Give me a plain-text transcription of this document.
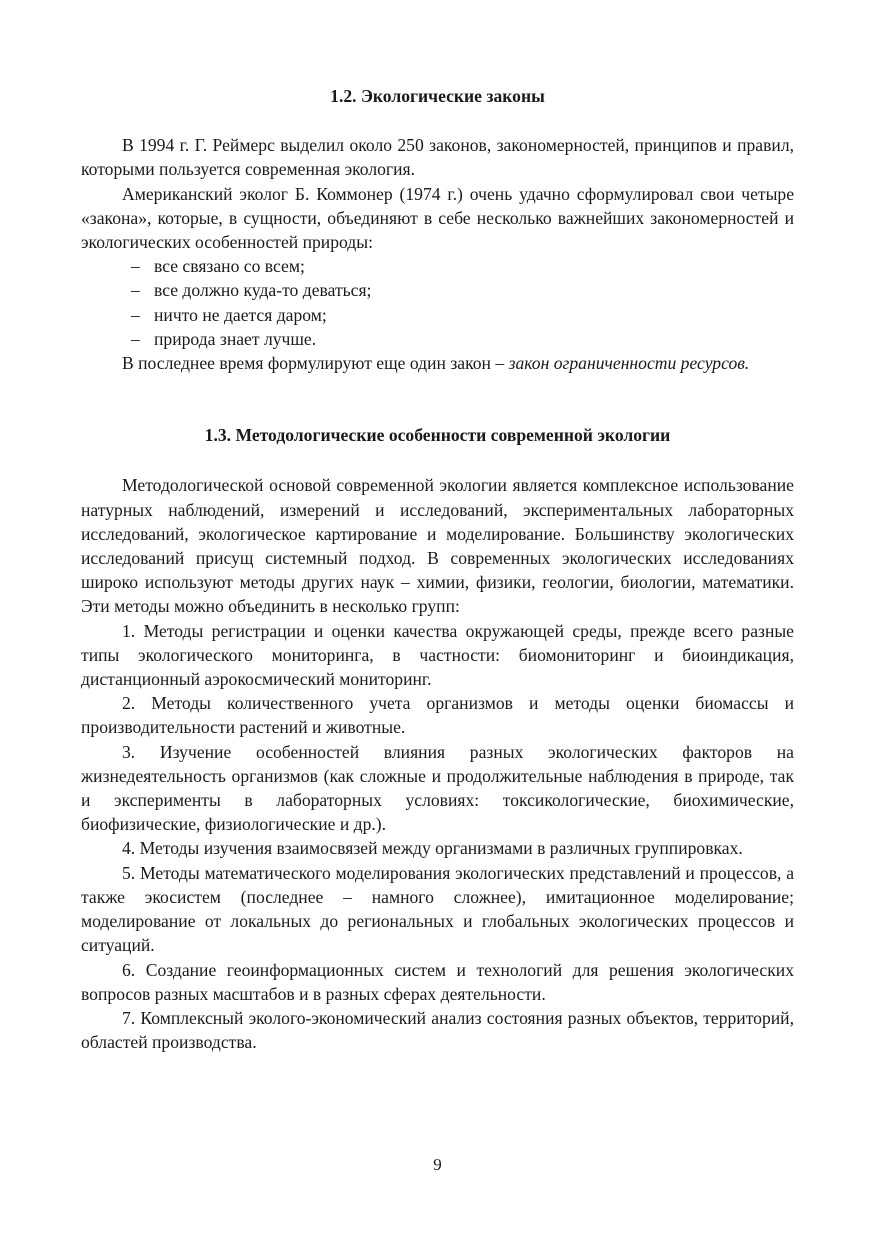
1.2. Экологические законы

В 1994 г. Г. Реймерс выделил около 250 законов, закономерностей, принципов и правил, которыми пользуется современная экология.

Американский эколог Б. Коммонер (1974 г.) очень удачно сформулировал свои четыре «закона», которые, в сущности, объединяют в себе несколько важнейших закономерностей и экологических особенностей природы:

– все связано со всем;
– все должно куда-то деваться;
– ничто не дается даром;
– природа знает лучше.

В последнее время формулируют еще один закон – закон ограниченности ресурсов.

1.3. Методологические особенности современной экологии

Методологической основой современной экологии является комплексное использование натурных наблюдений, измерений и исследований, экспериментальных лабораторных исследований, экологическое картирование и моделирование. Большинству экологических исследований присущ системный подход. В современных экологических исследованиях широко используют методы других наук – химии, физики, геологии, биологии, математики. Эти методы можно объединить в несколько групп:

1. Методы регистрации и оценки качества окружающей среды, прежде всего разные типы экологического мониторинга, в частности: биомониторинг и биоиндикация, дистанционный аэрокосмический мониторинг.

2. Методы количественного учета организмов и методы оценки биомассы и производительности растений и животные.

3. Изучение особенностей влияния разных экологических факторов на жизнедеятельность организмов (как сложные и продолжительные наблюдения в природе, так и эксперименты в лабораторных условиях: токсикологические, биохимические, биофизические, физиологические и др.).

4. Методы изучения взаимосвязей между организмами в различных группировках.

5. Методы математического моделирования экологических представлений и процессов, а также экосистем (последнее – намного сложнее), имитационное моделирование; моделирование от локальных до региональных и глобальных экологических процессов и ситуаций.

6. Создание геоинформационных систем и технологий для решения экологических вопросов разных масштабов и в разных сферах деятельности.

7. Комплексный эколого-экономический анализ состояния разных объектов, территорий, областей производства.

9
